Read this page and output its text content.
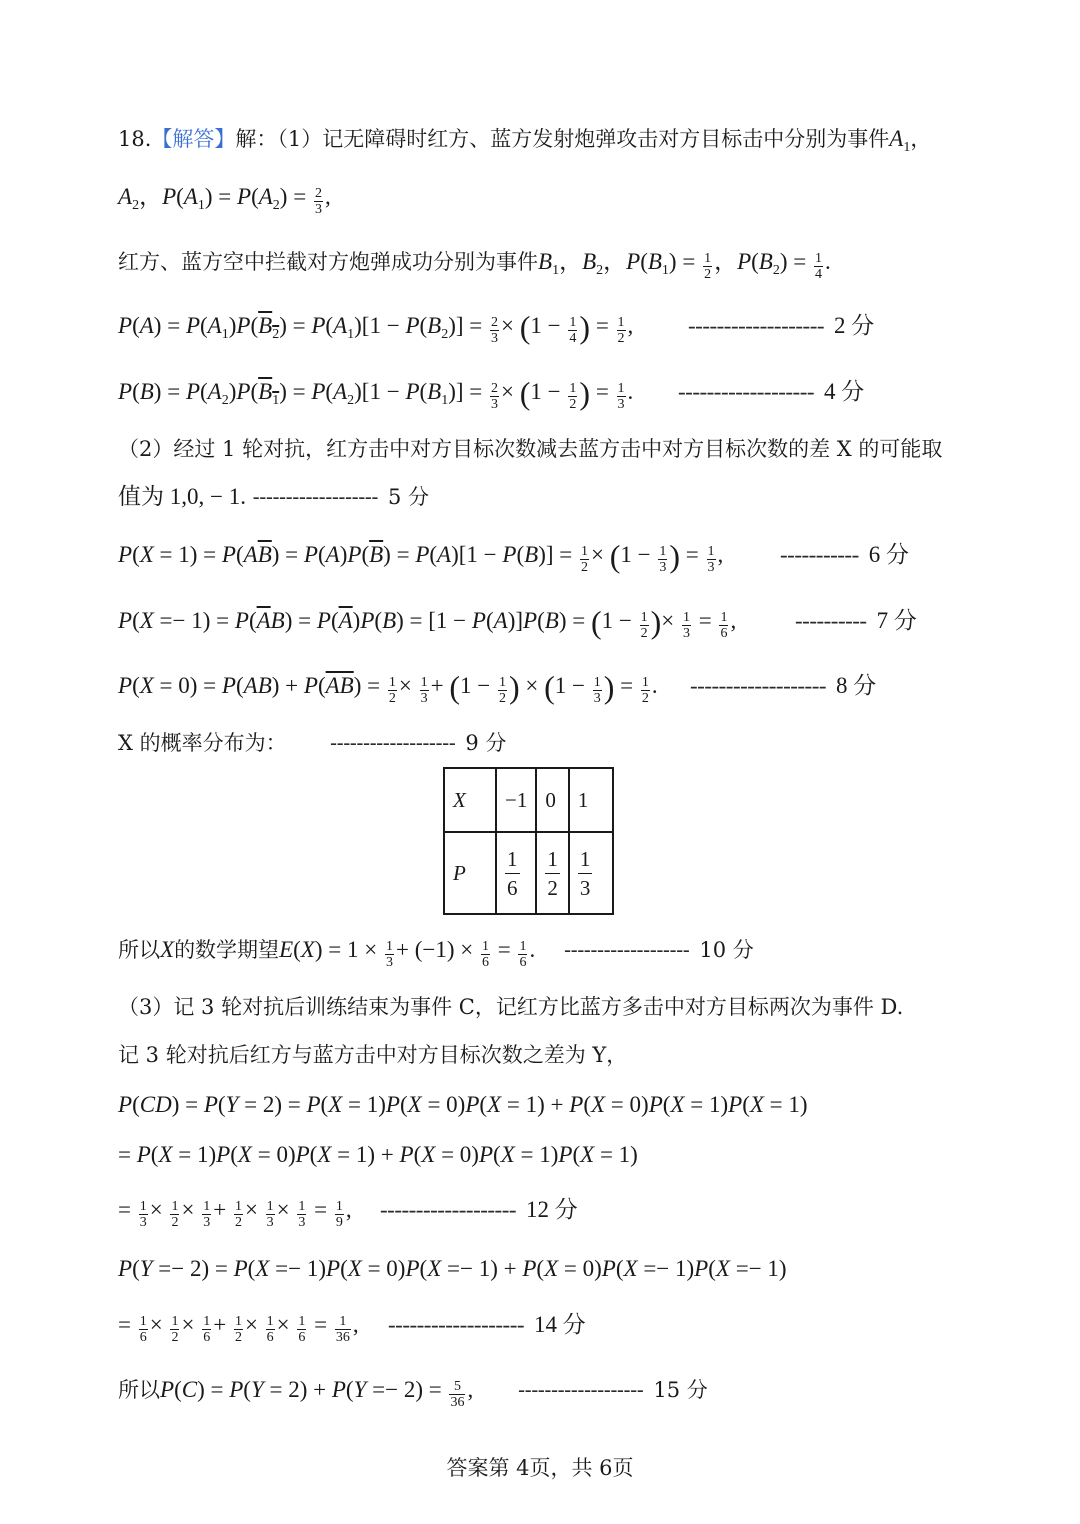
18.【解答】解：（1）记无障碍时红方、蓝方发射炮弹攻击对方目标击中分别为事件$A_1$，
$A_2$，$P(A_1) = P(A_2) = \frac{2}{3}$ ,
红方、蓝方空中拦截对方炮弹成功分别为事件$B_1$，$B_2$，$P(B_1) = \frac{1}{2}$ ，$P(B_2) = \frac{1}{4}$ .
$P(A) = P(A_1)P(B_2) = P(A_1)[1 - P(B_2)] = \frac{2}{3} \times (1 - \frac{1}{4}$ ) = $\frac{1}{2}$ , ------------------- 2 分
$P(B) = P(A_2)P(B_1) = P(A_2)[1 - P(B_1)] = \frac{2}{3} \times (1 - \frac{1}{2}$ ) = $\frac{1}{3}$ . ------------------- 4 分
（2）经过 1 轮对抗，红方击中对方目标次数减去蓝方击中对方目标次数的差 X 的可能取
值为 1,0, − 1. ------------------- 5 分
$P(X = 1) = P(A\overline{B}) = P(A)P(\overline{B}) = P(A)[1 - P(B)] = \frac{1}{2} \times (1 - \frac{1}{3}$ ) = $\frac{1}{3}$ , ----------- 6 分
$P(X =- 1) = P(\overline{A}B) = P(\overline{A})P(B) = [1 - P(A)]P(B) = (1 - \frac{1}{2}$ )× $\frac{1}{3} = \frac{1}{6}$ ,	---------- 7 分
$P(X = 0) = P(AB) + P(\overline{AB}) = \frac{1}{2} \times \frac{1}{3} + (1 - \frac{1}{2}$ ) × ($1 - \frac{1}{3}$ ) = $\frac{1}{2}$ . ------------------- 8 分
X 的概率分布为： ------------------- 9 分
X	−1	0	1
P	$\frac{1}{6}$	$\frac{1}{2}$	$\frac{1}{3}$
所以X的数学期望$E(X) = 1 \times \frac{1}{3} + (-1) \times \frac{1}{6} = \frac{1}{6}$ . ------------------- 10 分
（3）记 3 轮对抗后训练结束为事件 C，记红方比蓝方多击中对方目标两次为事件 D.
记 3 轮对抗后红方与蓝方击中对方目标次数之差为 Y，
P(CD) = P(Y = 2) = P(X = 1)P(X = 0)P(X = 1) + P(X = 0)P(X = 1)P(X = 1)
= P(X = 1)P(X = 0)P(X = 1) + P(X = 0)P(X = 1)P(X = 1)
= $\frac{1}{3} \times \frac{1}{2} \times \frac{1}{3} + \frac{1}{2} \times \frac{1}{3} \times \frac{1}{3} = \frac{1}{9}$ , ------------------- 12 分
P(Y =− 2) = P(X =− 1)P(X = 0)P(X =− 1) + P(X = 0)P(X =− 1)P(X =− 1)
= $\frac{1}{6} \times \frac{1}{2} \times \frac{1}{6} + \frac{1}{2} \times \frac{1}{6} \times \frac{1}{6} = \frac{1}{36}$ , ------------------- 14 分
所以$P(C) = P(Y = 2) + P(Y =- 2) = \frac{5}{36}$ , ------------------- 15 分
答案第 4页，共 6页
